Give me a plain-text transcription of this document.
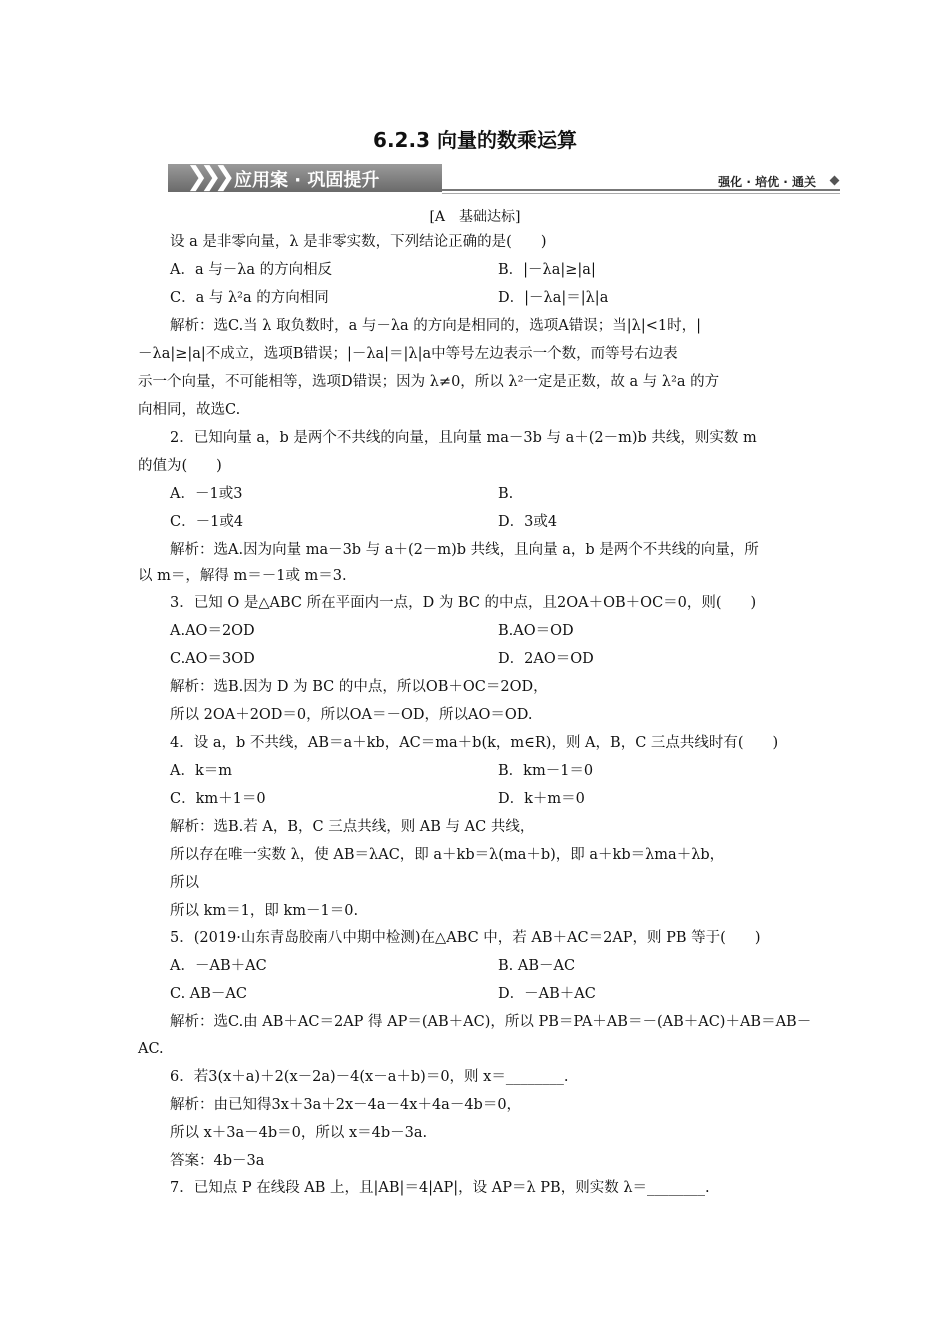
6.2.3 向量的数乘运算
❯❯❯ 应用案 · 巩固提升	强化 · 培优 · 通关
[A　基础达标]
设 a 是非零向量，λ 是非零实数，下列结论正确的是(　　)
A．a 与－λa 的方向相反	B．|－λa|≥|a|
C．a 与 λ²a 的方向相同	D．|－λa|＝|λ|a
解析：选C.当 λ 取负数时，a 与－λa 的方向是相同的，选项A错误；当|λ|<1时，|
－λa|≥|a|不成立，选项B错误；|－λa|＝|λ|a中等号左边表示一个数，而等号右边表
示一个向量，不可能相等，选项D错误；因为 λ≠0，所以 λ²一定是正数，故 a 与 λ²a 的方
向相同，故选C.
2．已知向量 a，b 是两个不共线的向量，且向量 ma－3b 与 a＋(2－m)b 共线，则实数 m
的值为(　　)
A．－1或3	B.
C．－1或4	D．3或4
解析：选A.因为向量 ma－3b 与 a＋(2－m)b 共线，且向量 a，b 是两个不共线的向量，所
以 m＝，解得 m＝－1或 m＝3.
3．已知 O 是△ABC 所在平面内一点，D 为 BC 的中点，且2OA＋OB＋OC＝0，则(　　)
A.AO＝2OD	B.AO＝OD
C.AO＝3OD	D．2AO＝OD
解析：选B.因为 D 为 BC 的中点，所以OB＋OC＝2OD，
所以 2OA＋2OD＝0，所以OA＝－OD，所以AO＝OD.
4．设 a，b 不共线，AB＝a＋kb，AC＝ma＋b(k，m∈R)，则 A，B，C 三点共线时有(　　)
A．k＝m	B．km－1＝0
C．km＋1＝0	D．k＋m＝0
解析：选B.若 A，B，C 三点共线，则 AB 与 AC 共线，
所以存在唯一实数 λ，使 AB＝λAC，即 a＋kb＝λ(ma＋b)，即 a＋kb＝λma＋λb，
所以
所以 km＝1，即 km－1＝0.
5．(2019·山东青岛胶南八中期中检测)在△ABC 中，若 AB＋AC＝2AP，则 PB 等于(　　)
A．－AB＋AC	B. AB－AC
C. AB－AC	D．－AB＋AC
解析：选C.由 AB＋AC＝2AP 得 AP＝(AB＋AC)，所以 PB＝PA＋AB＝－(AB＋AC)＋AB＝AB－
AC.
6．若3(x＋a)＋2(x－2a)－4(x－a＋b)＝0，则 x＝________.
解析：由已知得3x＋3a＋2x－4a－4x＋4a－4b＝0，
所以 x＋3a－4b＝0，所以 x＝4b－3a.
答案：4b－3a
7．已知点 P 在线段 AB 上，且|AB|＝4|AP|，设 AP＝λ PB，则实数 λ＝________.
